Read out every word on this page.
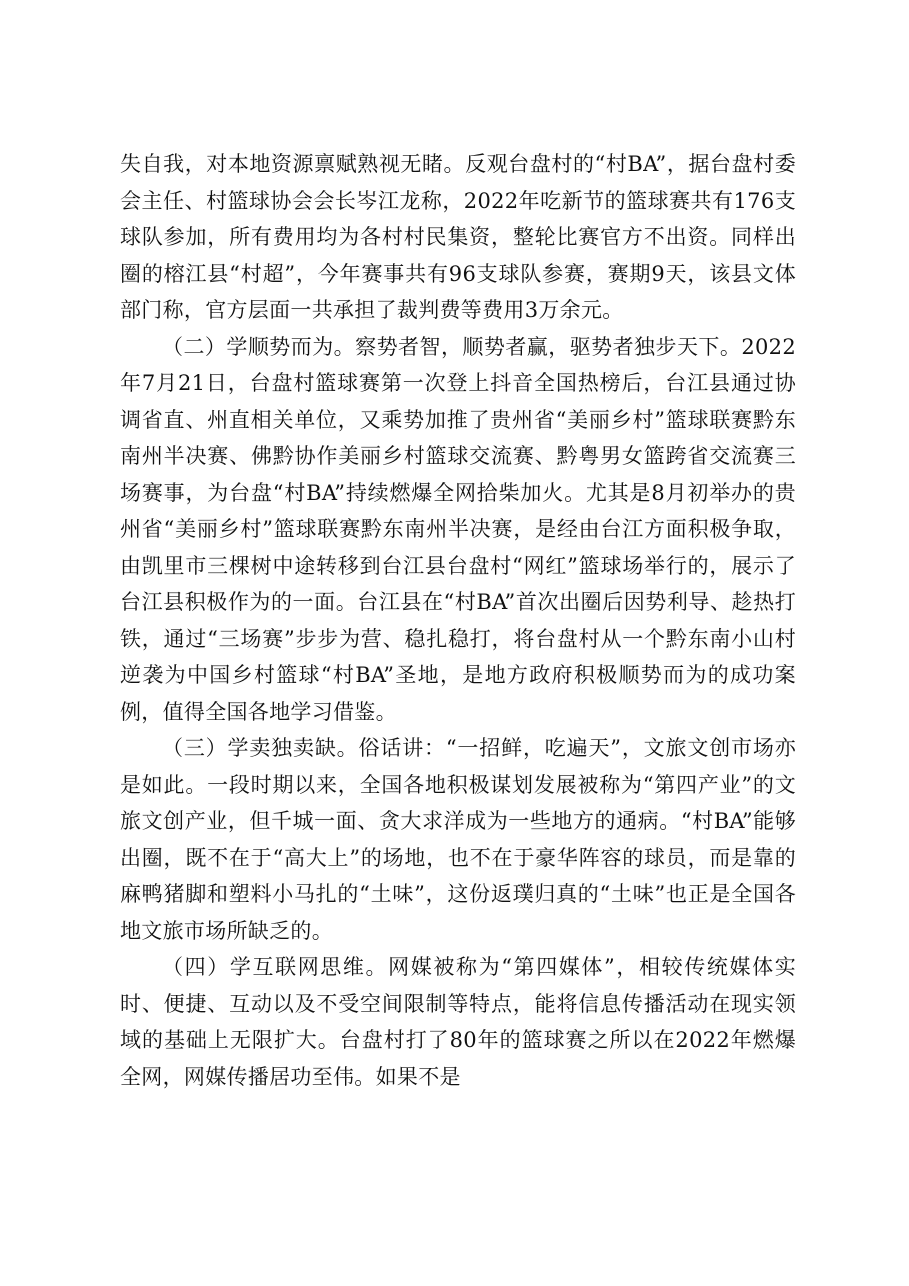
失自我，对本地资源禀赋熟视无睹。反观台盘村的“村BA”，据台盘村委会主任、村篮球协会会长岑江龙称，2022年吃新节的篮球赛共有176支球队参加，所有费用均为各村村民集资，整轮比赛官方不出资。同样出圈的榕江县“村超”，今年赛事共有96支球队参赛，赛期9天，该县文体部门称，官方层面一共承担了裁判费等费用3万余元。

（二）学顺势而为。察势者智，顺势者赢，驱势者独步天下。2022年7月21日，台盘村篮球赛第一次登上抖音全国热榜后，台江县通过协调省直、州直相关单位，又乘势加推了贵州省“美丽乡村”篮球联赛黔东南州半决赛、佛黔协作美丽乡村篮球交流赛、黔粤男女篮跨省交流赛三场赛事，为台盘“村BA”持续燃爆全网拾柴加火。尤其是8月初举办的贵州省“美丽乡村”篮球联赛黔东南州半决赛，是经由台江方面积极争取，由凯里市三棵树中途转移到台江县台盘村“网红”篮球场举行的，展示了台江县积极作为的一面。台江县在“村BA”首次出圈后因势利导、趁热打铁，通过“三场赛”步步为营、稳扎稳打，将台盘村从一个黔东南小山村逆袭为中国乡村篮球“村BA”圣地，是地方政府积极顺势而为的成功案例，值得全国各地学习借鉴。

（三）学卖独卖缺。俗话讲：“一招鲜，吃遍天”，文旅文创市场亦是如此。一段时期以来，全国各地积极谋划发展被称为“第四产业”的文旅文创产业，但千城一面、贪大求洋成为一些地方的通病。“村BA”能够出圈，既不在于“高大上”的场地，也不在于豪华阵容的球员，而是靠的麻鸭猪脚和塑料小马扎的“土味”，这份返璞归真的“土味”也正是全国各地文旅市场所缺乏的。

（四）学互联网思维。网媒被称为“第四媒体”，相较传统媒体实时、便捷、互动以及不受空间限制等特点，能将信息传播活动在现实领域的基础上无限扩大。台盘村打了80年的篮球赛之所以在2022年燃爆全网，网媒传播居功至伟。如果不是
